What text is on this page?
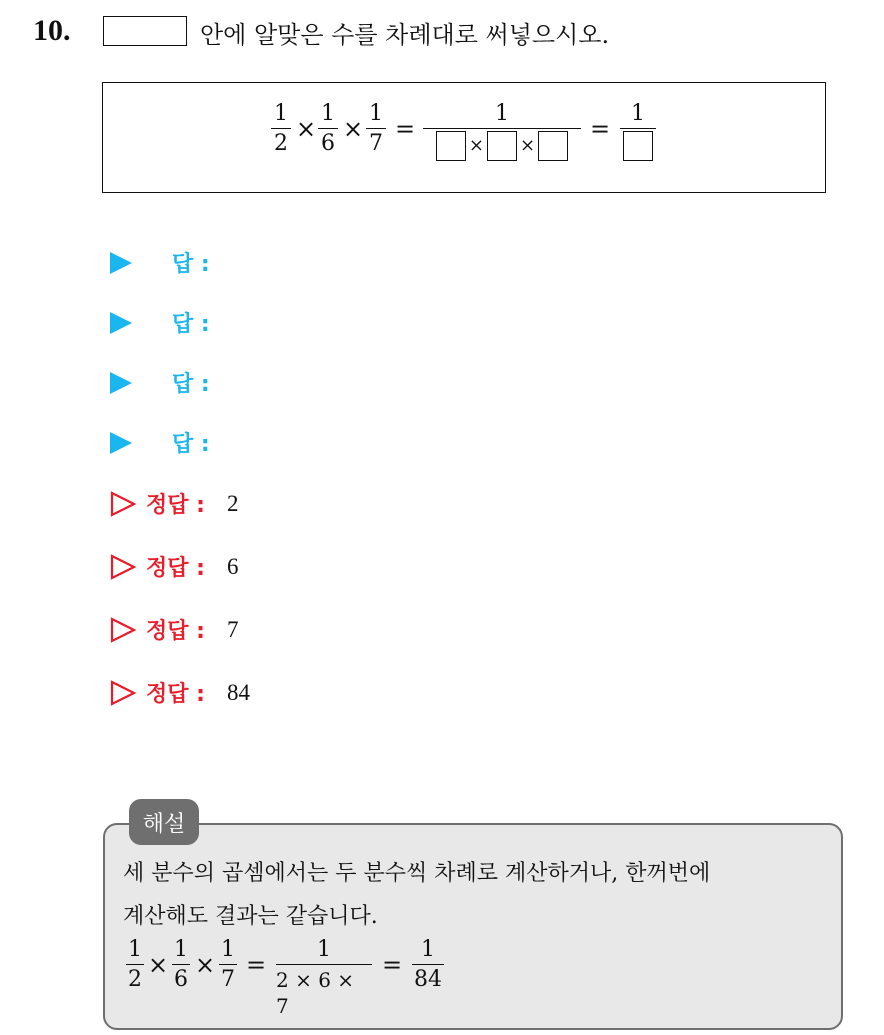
10.	안에 알맞은 수를 차례대로 써넣으시오.
1
2
×
1
6
×
1
7
=
1
× ×
=
1
답 :
답 :
답 :
답 :
정답 : 2
정답 : 6
정답 : 7
정답 : 84
해설
세 분수의 곱셈에서는 두 분수씩 차례로 계산하거나, 한꺼번에
계산해도 결과는 같습니다.
1
2
×
1
6
×
1
7
=
1
2 × 6 × 7
=
1
84
